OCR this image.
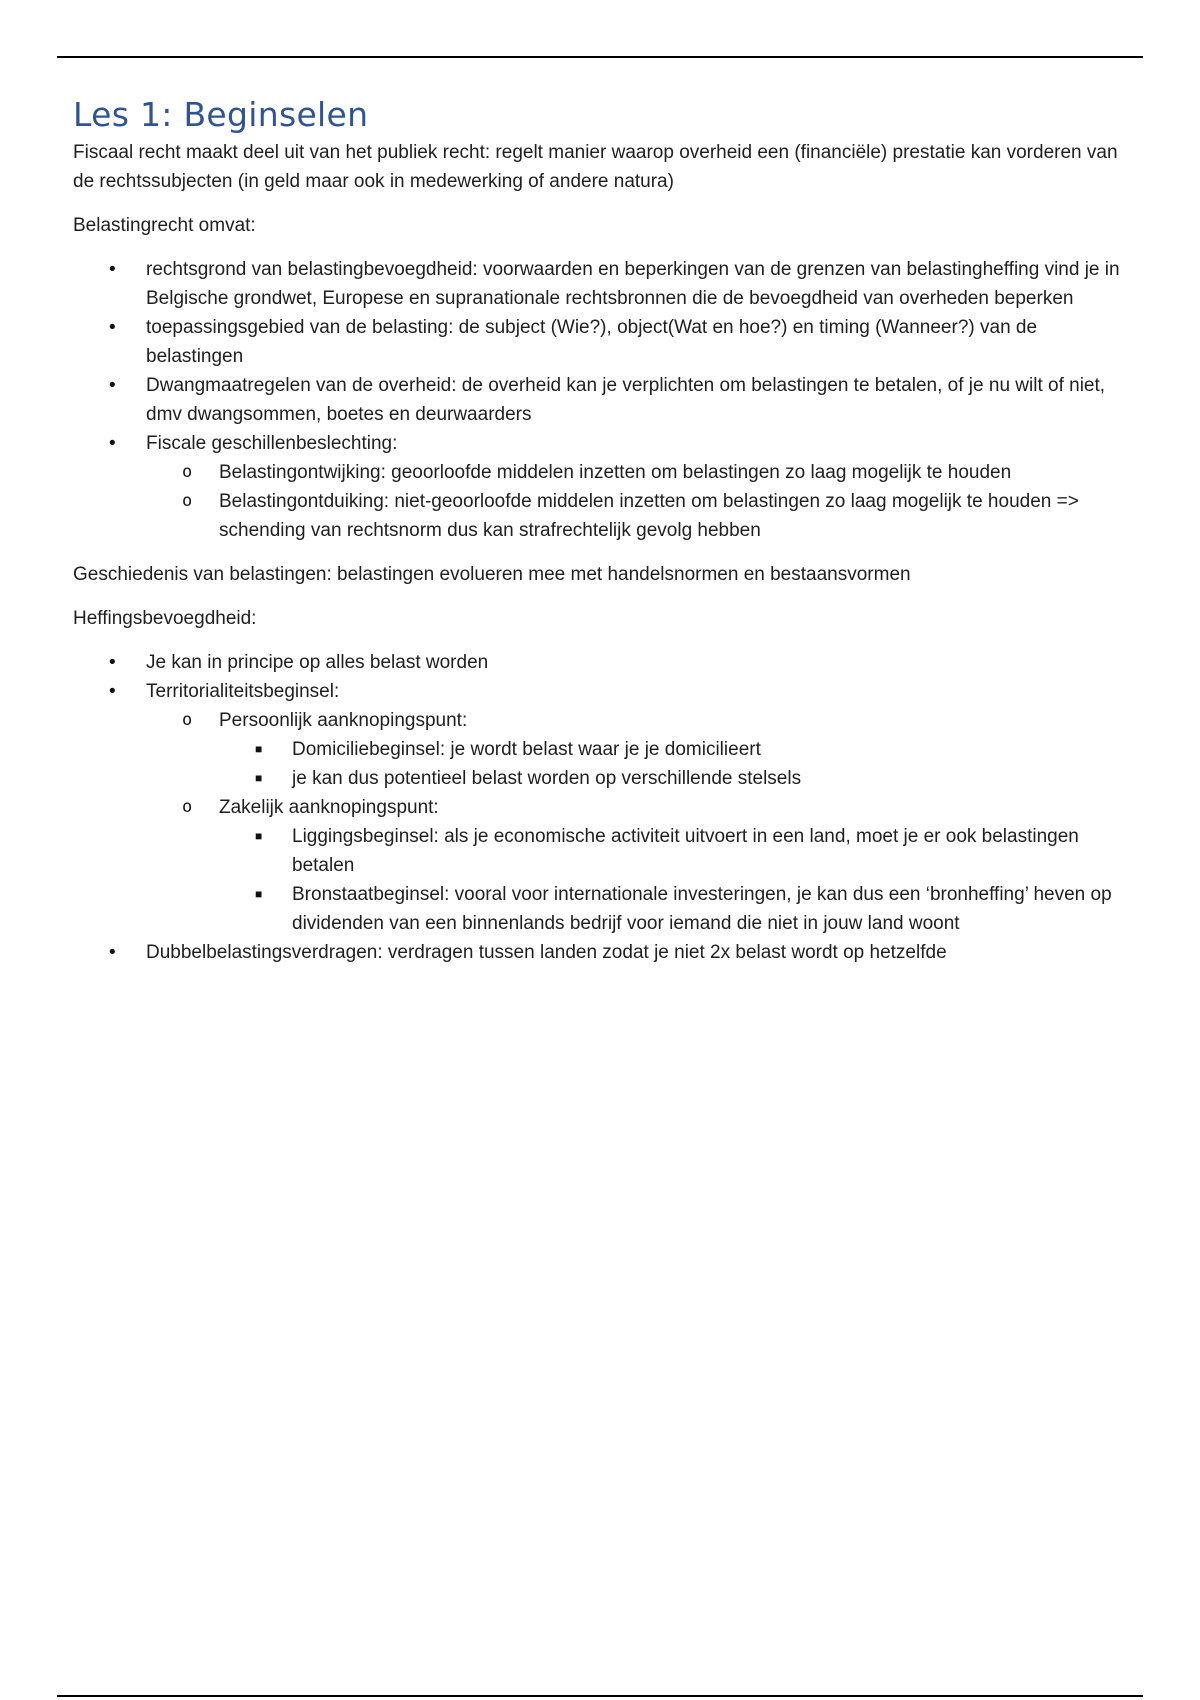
Les 1: Beginselen

Fiscaal recht maakt deel uit van het publiek recht: regelt manier waarop overheid een (financiële) prestatie kan vorderen van de rechtssubjecten (in geld maar ook in medewerking of andere natura)

Belastingrecht omvat:

•
rechtsgrond van belastingbevoegdheid: voorwaarden en beperkingen van de grenzen van belastingheffing vind je in Belgische grondwet, Europese en supranationale rechtsbronnen die de bevoegdheid van overheden beperken
•
toepassingsgebied van de belasting: de subject (Wie?), object(Wat en hoe?) en timing (Wanneer?) van de belastingen
•
Dwangmaatregelen van de overheid: de overheid kan je verplichten om belastingen te betalen, of je nu wilt of niet, dmv dwangsommen, boetes en deurwaarders
•
Fiscale geschillenbeslechting:
o
Belastingontwijking: geoorloofde middelen inzetten om belastingen zo laag mogelijk te houden
o
Belastingontduiking: niet-geoorloofde middelen inzetten om belastingen zo laag mogelijk te houden => schending van rechtsnorm dus kan strafrechtelijk gevolg hebben

Geschiedenis van belastingen: belastingen evolueren mee met handelsnormen en bestaansvormen

Heffingsbevoegdheid:

•
Je kan in principe op alles belast worden
•
Territorialiteitsbeginsel:
o
Persoonlijk aanknopingspunt:
■
Domiciliebeginsel: je wordt belast waar je je domicilieert
■
je kan dus potentieel belast worden op verschillende stelsels
o
Zakelijk aanknopingspunt:
■
Liggingsbeginsel: als je economische activiteit uitvoert in een land, moet je er ook belastingen betalen
■
Bronstaatbeginsel: vooral voor internationale investeringen, je kan dus een ‘bronheffing’ heven op dividenden van een binnenlands bedrijf voor iemand die niet in jouw land woont
•
Dubbelbelastingsverdragen: verdragen tussen landen zodat je niet 2x belast wordt op hetzelfde
